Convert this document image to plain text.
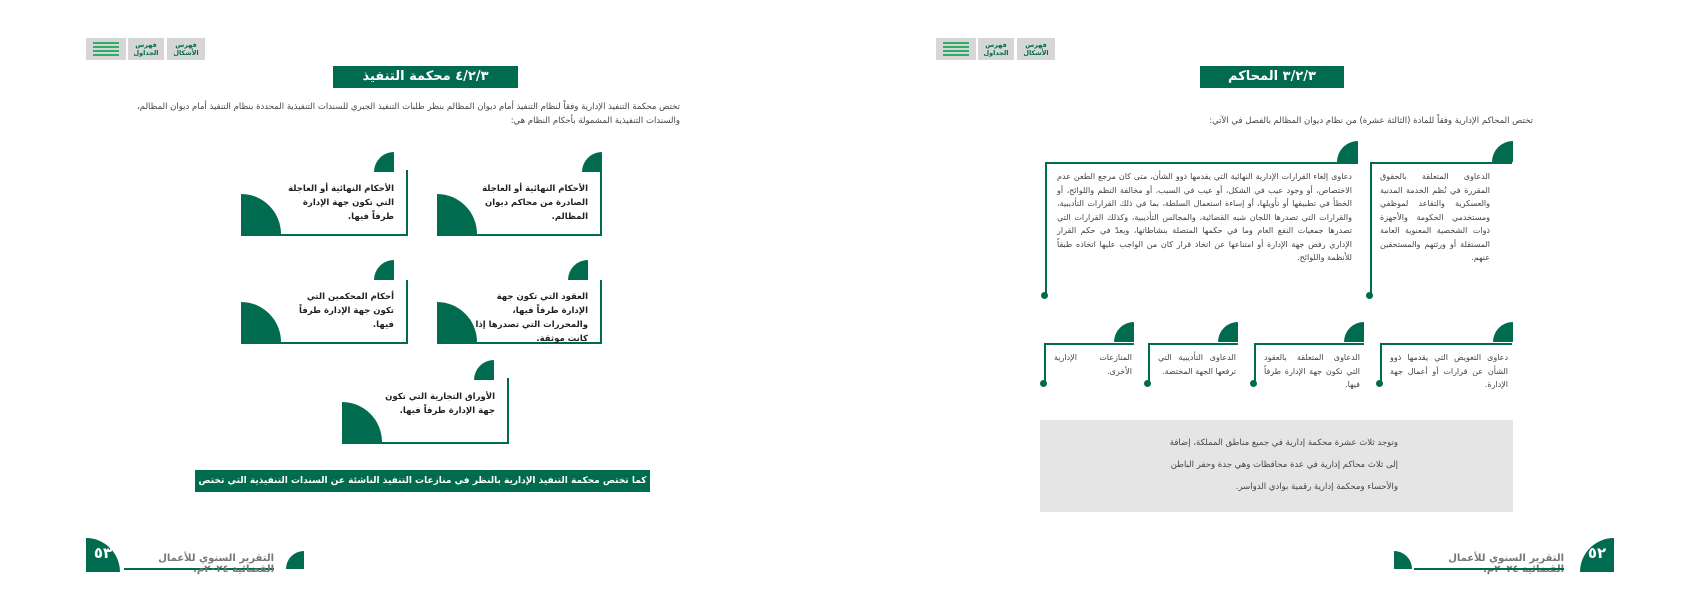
فهرس
الجداول
فهرس
الأشكال
٤/٢/٣ محكمة التنفيذ الإدارية:
تختص محكمة التنفيذ الإدارية وفقاً لنظام التنفيذ أمام ديوان المظالم بنظر طلبات التنفيذ الجبري للسندات التنفيذية المحددة بنظام التنفيذ أمام ديوان المظالم، والسندات التنفيذية المشمولة بأحكام النظام هي:
الأحكام النهائية أو العاجلة الصادرة من محاكم ديوان المظالم.
الأحكام النهائية أو العاجلة التي تكون جهة الإدارة طرفاً فيها.
العقود التي تكون جهة الإدارة طرفاً فيها، والمحررات التي تصدرها إذا كانت موثقة.
أحكام المحكمين التي تكون جهة الإدارة طرفاً فيها.
الأوراق التجارية التي تكون جهة الإدارة طرفاً فيها.
كما تختص محكمة التنفيذ الإدارية بالنظر في منازعات التنفيذ الناشئة عن السندات التنفيذية التي تختص بنظرها.
٥٣	التقرير السنوي للأعمال القضائية ٢٠٢٤م.
فهرس
الجداول
فهرس
الأشكال
٣/٢/٣ المحاكم الإدارية:
تختص المحاكم الإدارية وفقاً للمادة (الثالثة عشرة) من نظام ديوان المظالم بالفصل في الآتي:
الدعاوى المتعلقة بالحقوق المقررة في نُظم الخدمة المدنية والعسكرية والتقاعد لموظفي ومستخدمي الحكومة والأجهزة ذوات الشخصية المعنوية العامة المستقلة أو ورثتهم والمستحقين عنهم.
دعاوى إلغاء القرارات الإدارية النهائية التي يقدمها ذوو الشأن، متى كان مرجع الطعن عدم الاختصاص، أو وجود عيب في الشكل، أو عيب في السبب، أو مخالفة النظم واللوائح، أو الخطأ في تطبيقها أو تأويلها، أو إساءة استعمال السلطة، بما في ذلك القرارات التأديبية، والقرارات التي تصدرها اللجان شبه القضائية، والمجالس التأديبية، وكذلك القرارات التي تصدرها جمعيات النفع العام وما في حكمها المتصلة بنشاطاتها، ويعدّ في حكم القرار الإداري رفض جهة الإدارة أو امتناعها عن اتخاذ قرار كان من الواجب عليها اتخاذه طبقاً للأنظمة واللوائح.
دعاوى التعويض التي يقدمها ذوو الشأن عن قرارات أو أعمال جهة الإدارة.
الدعاوى المتعلقة بالعقود التي تكون جهة الإدارة طرفاً فيها.
الدعاوى التأديبية التي ترفعها الجهة المختصة.
المنازعات الإدارية الأخرى.
وتوجد ثلاث عشرة محكمة إدارية في جميع مناطق المملكة، إضافة
إلى ثلاث محاكم إدارية في عدة محافظات وهي جدة وحفر الباطن
والأحساء ومحكمة إدارية رقمية بوادي الدواسر.
التقرير السنوي للأعمال	٥٢
